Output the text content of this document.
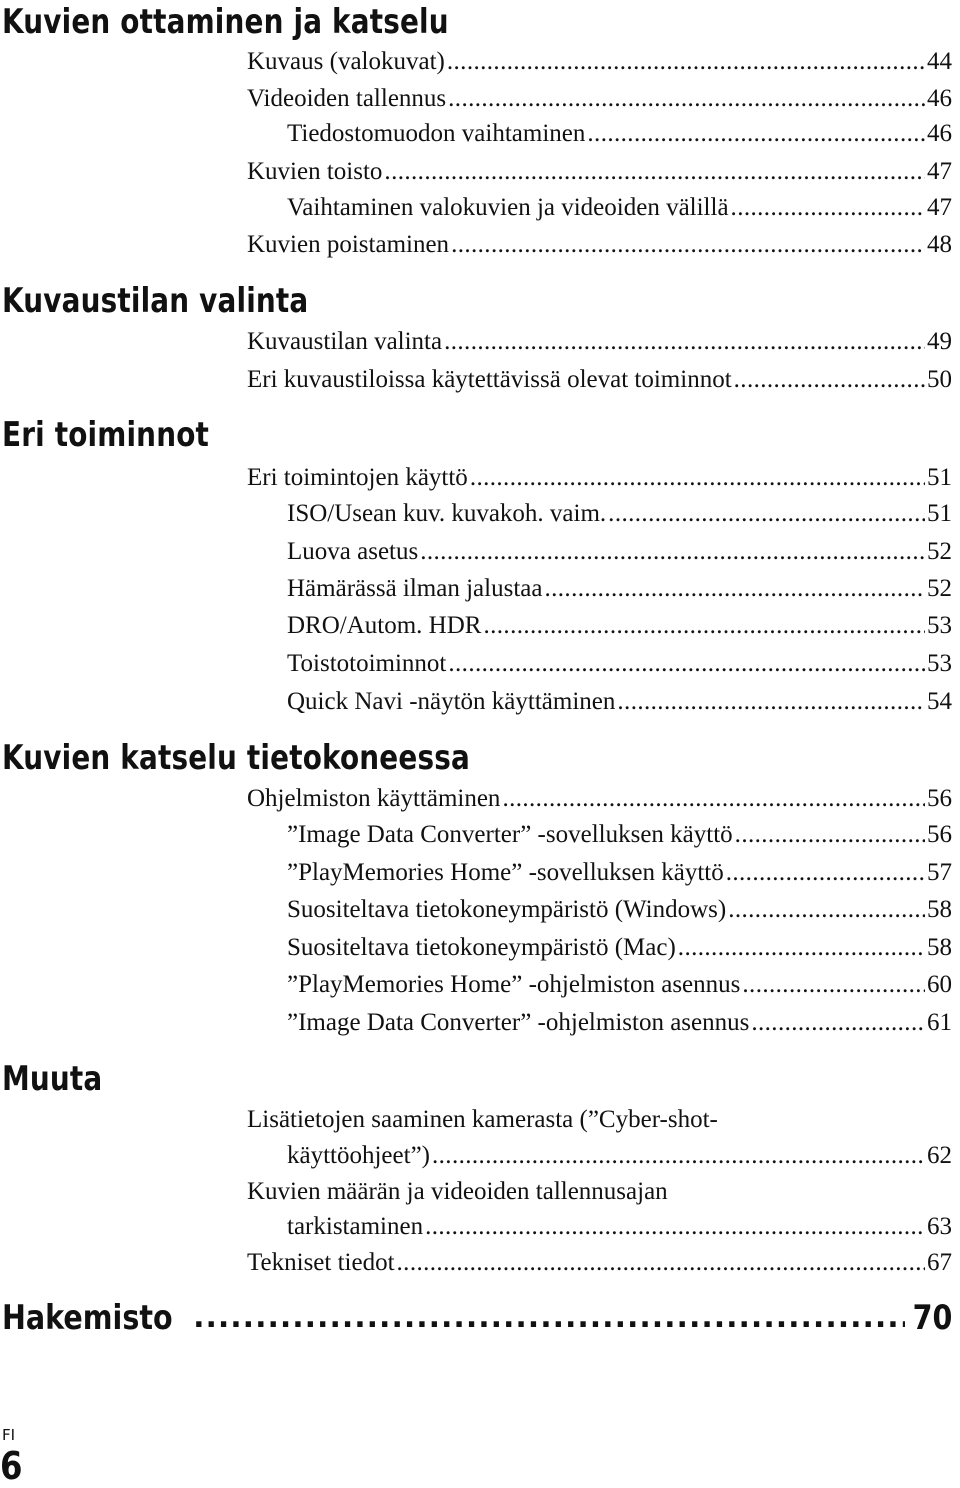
Kuvien ottaminen ja katselu
Kuvaus (valokuvat) .....	44
Videoiden tallennus .....	46
Tiedostomuodon vaihtaminen .....	46
Kuvien toisto .....	47
Vaihtaminen valokuvien ja videoiden välillä .....	47
Kuvien poistaminen .....	48
Kuvaustilan valinta
Kuvaustilan valinta .....	49
Eri kuvaustiloissa käytettävissä olevat toiminnot .....	50
Eri toiminnot
Eri toimintojen käyttö .....	51
ISO/Usean kuv. kuvakoh. vaim. .....	51
Luova asetus .....	52
Hämärässä ilman jalustaa .....	52
DRO/Autom. HDR .....	53
Toistotoiminnot .....	53
Quick Navi -näytön käyttäminen .....	54
Kuvien katselu tietokoneessa
Ohjelmiston käyttäminen .....	56
”Image Data Converter” -sovelluksen käyttö .....	56
”PlayMemories Home” -sovelluksen käyttö .....	57
Suositeltava tietokoneympäristö (Windows) .....	58
Suositeltava tietokoneympäristö (Mac) .....	58
”PlayMemories Home” -ohjelmiston asennus .....	60
”Image Data Converter” -ohjelmiston asennus .....	61
Muuta
Lisätietojen saaminen kamerasta (”Cyber-shot-
käyttöohjeet”) .....	62
Kuvien määrän ja videoiden tallennusajan
tarkistaminen .....	63
Tekniset tiedot .....	67
Hakemisto .....	70
FI
6
